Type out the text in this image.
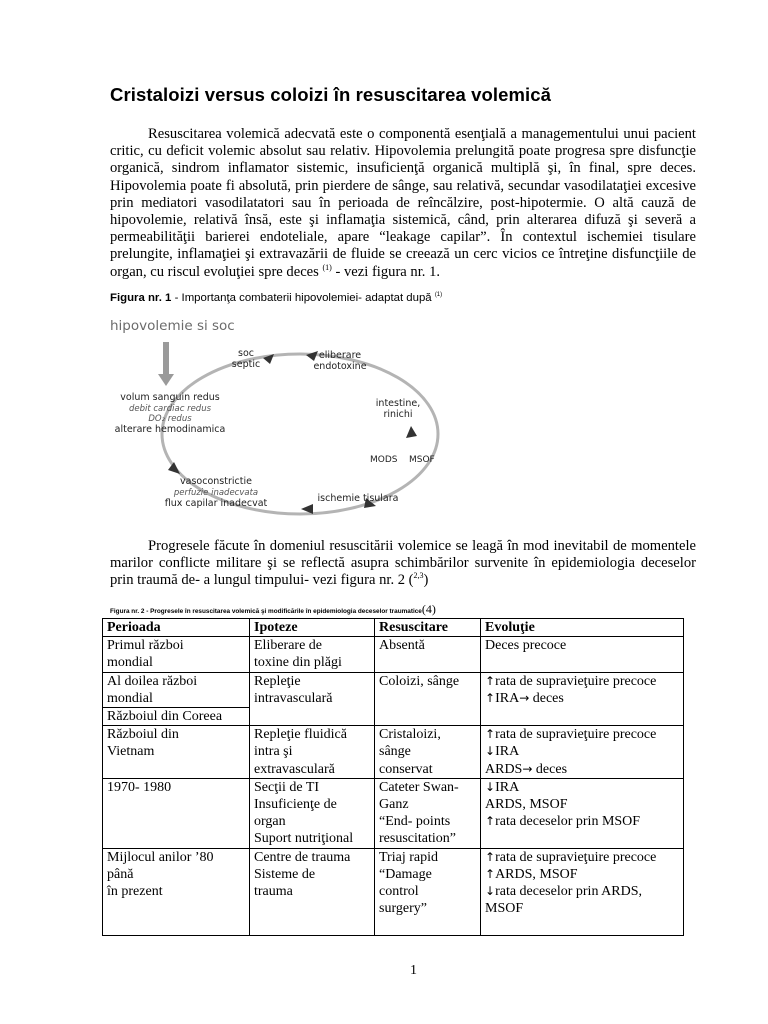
Cristaloizi versus coloizi în resuscitarea volemică
Resuscitarea volemică adecvată este o componentă esenţială a managementului unui pacient critic, cu deficit volemic absolut sau relativ. Hipovolemia prelungită poate progresa spre disfuncţie organică, sindrom inflamator sistemic, insuficienţă organică multiplă şi, în final, spre deces. Hipovolemia poate fi absolută, prin pierdere de sânge, sau relativă, secundar vasodilataţiei excesive prin mediatori vasodilatatori sau în perioada de reîncălzire, post-hipotermie. O altă cauză de hipovolemie, relativă însă, este şi inflamaţia sistemică, când, prin alterarea difuză şi severă a permeabilităţii barierei endoteliale, apare “leakage capilar”. În contextul ischemiei tisulare prelungite, inflamaţiei şi extravazării de fluide se creează un cerc vicios ce întreţine disfuncţiile de organ, cu riscul evoluţiei spre deces $^{(1)}$ - vezi figura nr. 1.
Figura nr. 1 - Importanţa combaterii hipovolemiei- adaptat după $^{(1)}$
hipovolemie si soc
soc
septic
eliberare
endotoxine
intestine,
rinichi
MODS MSOF
ischemie tisulara
vasoconstrictie
perfuzie inadecvata
flux capilar inadecvat
volum sanguin redus
debit cardiac redus
DO₂ redus
alterare hemodinamica
Progresele făcute în domeniul resuscitării volemice se leagă în mod inevitabil de momentele marilor conflicte militare şi se reflectă asupra schimbărilor survenite în epidemiologia deceselor prin traumă de- a lungul timpului- vezi figura nr. 2 ($^{2,3}$)
Figura nr. 2 - Progresele în resuscitarea volemică şi modificările în epidemiologia deceselor traumatice(4)
Perioada	Ipoteze	Resuscitare	Evoluţie

Primul război
mondial	Eliberare de
toxine din plăgi	Absentă	Deces precoce

Al doilea război
mondial	Repleţie
intravasculară	Coloizi, sânge	↑rata de supravieţuire precoce
↑IRA→ deces

Războiul din Coreea			

Războiul din
Vietnam	Repleţie fluidică
intra şi
extravasculară	Cristaloizi,
sânge
conservat	↑rata de supravieţuire precoce
↓IRA
ARDS→ deces

1970- 1980	Secţii de TI
Insuficienţe de
organ
Suport nutriţional	Cateter Swan-
Ganz
“End- points
resuscitation”	↓IRA
ARDS, MSOF
↑rata deceselor prin MSOF

Mijlocul anilor ’80
până
în prezent	Centre de trauma
Sisteme de
trauma	Triaj rapid
“Damage
control
surgery”	↑rata de supravieţuire precoce
↑ARDS, MSOF
↓rata deceselor prin ARDS,
MSOF
1
